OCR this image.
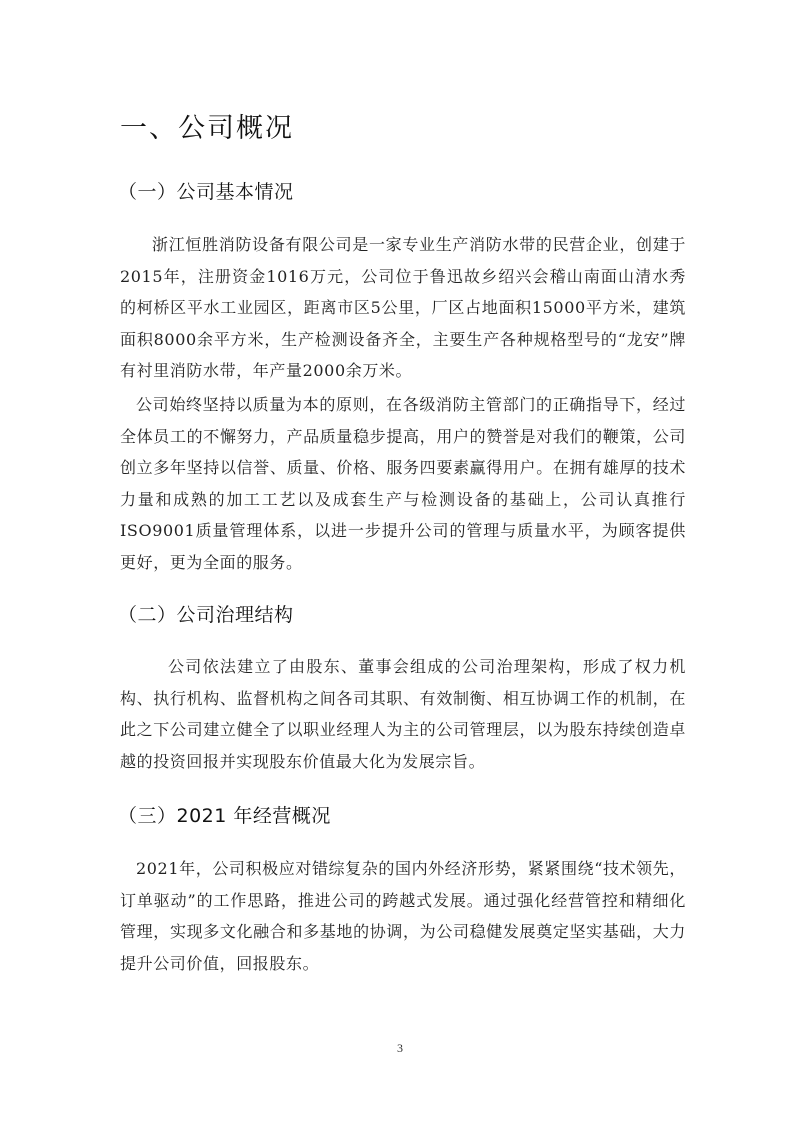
一、公司概况
（一）公司基本情况

浙江恒胜消防设备有限公司是一家专业生产消防水带的民营企业，创建于2015年，注册资金1016万元，公司位于鲁迅故乡绍兴会稽山南面山清水秀的柯桥区平水工业园区，距离市区5公里，厂区占地面积15000平方米，建筑面积8000余平方米，生产检测设备齐全，主要生产各种规格型号的“龙安”牌有衬里消防水带，年产量2000余万米。

公司始终坚持以质量为本的原则，在各级消防主管部门的正确指导下，经过全体员工的不懈努力，产品质量稳步提高，用户的赞誉是对我们的鞭策，公司创立多年坚持以信誉、质量、价格、服务四要素赢得用户。在拥有雄厚的技术力量和成熟的加工工艺以及成套生产与检测设备的基础上，公司认真推行ISO9001质量管理体系，以进一步提升公司的管理与质量水平，为顾客提供更好，更为全面的服务。

（二）公司治理结构

公司依法建立了由股东、董事会组成的公司治理架构，形成了权力机构、执行机构、监督机构之间各司其职、有效制衡、相互协调工作的机制，在此之下公司建立健全了以职业经理人为主的公司管理层，以为股东持续创造卓越的投资回报并实现股东价值最大化为发展宗旨。

（三）2021 年经营概况

2021年，公司积极应对错综复杂的国内外经济形势，紧紧围绕“技术领先，订单驱动”的工作思路，推进公司的跨越式发展。通过强化经营管控和精细化管理，实现多文化融合和多基地的协调，为公司稳健发展奠定坚实基础，大力提升公司价值，回报股东。

3
